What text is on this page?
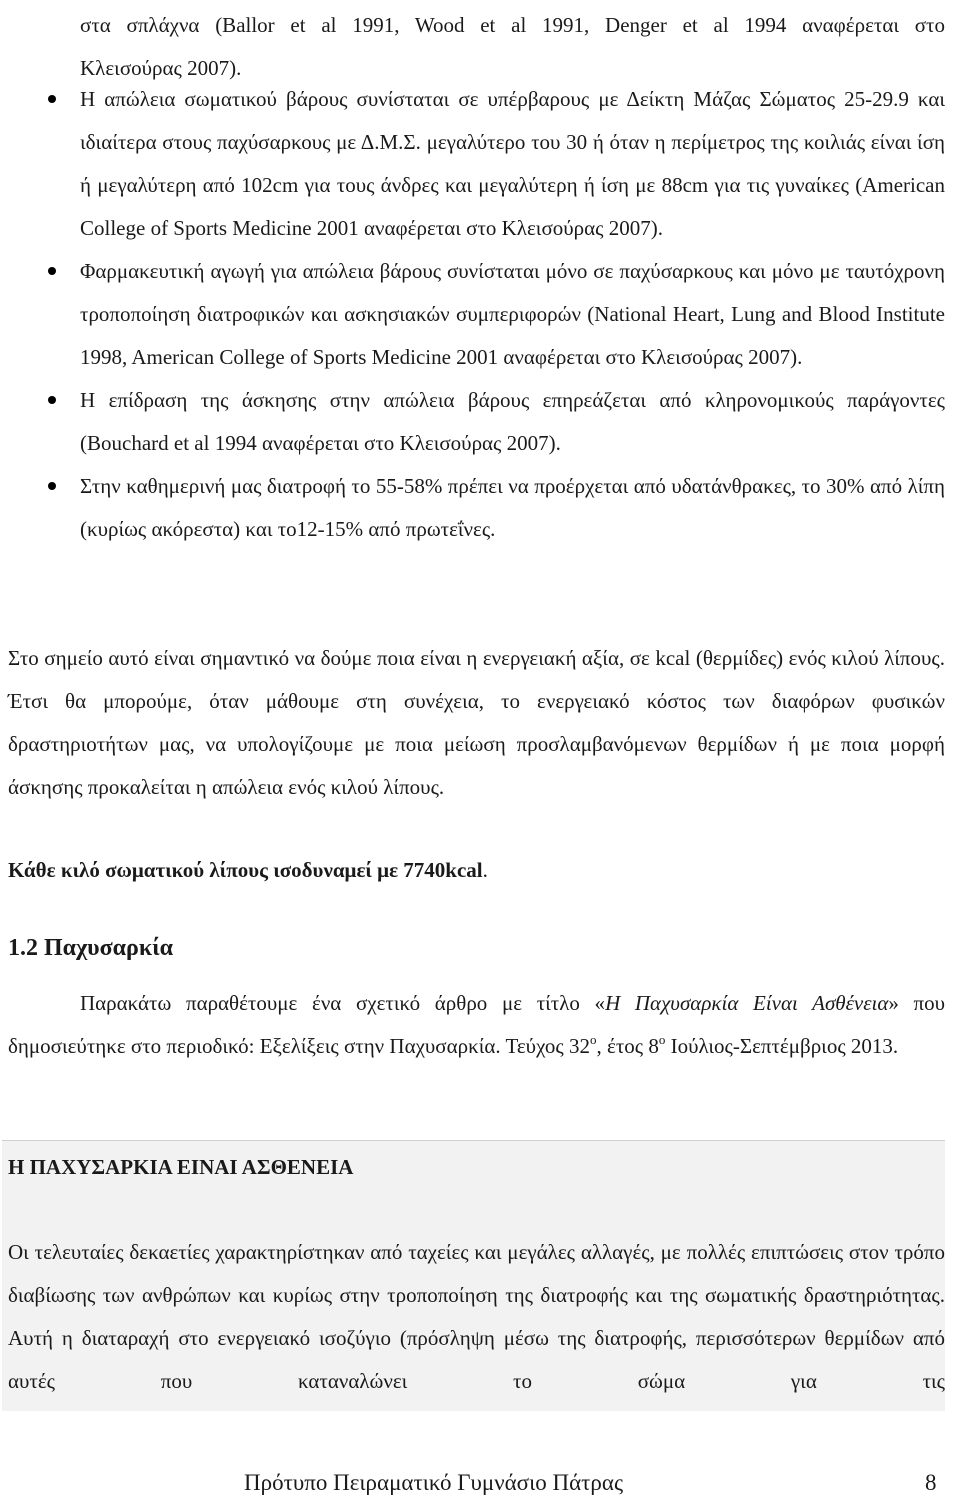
στα σπλάχνα (Ballor et al 1991, Wood et al 1991, Denger et al 1994 αναφέρεται στο
Κλεισούρας 2007).
Η απώλεια σωματικού βάρους συνίσταται σε υπέρβαρους με Δείκτη Μάζας Σώματος 25-29.9 και ιδιαίτερα στους παχύσαρκους με Δ.Μ.Σ. μεγαλύτερο του 30 ή όταν η περίμετρος της κοιλιάς είναι ίση ή μεγαλύτερη από 102cm για τους άνδρες και μεγαλύτερη ή ίση με 88cm για τις γυναίκες (American College of Sports Medicine 2001 αναφέρεται στο Κλεισούρας 2007).
Φαρμακευτική αγωγή για απώλεια βάρους συνίσταται μόνο σε παχύσαρκους και μόνο με ταυτόχρονη τροποποίηση διατροφικών και ασκησιακών συμπεριφορών (National Heart, Lung and Blood Institute 1998, American College of Sports Medicine 2001 αναφέρεται στο Κλεισούρας 2007).
Η επίδραση της άσκησης στην απώλεια βάρους επηρεάζεται από κληρονομικούς παράγοντες (Bouchard et al 1994 αναφέρεται στο Κλεισούρας 2007).
Στην καθημερινή μας διατροφή το 55-58% πρέπει να προέρχεται από υδατάνθρακες, το 30% από λίπη (κυρίως ακόρεστα) και το12-15% από πρωτεΐνες.
Στο σημείο αυτό είναι σημαντικό να δούμε ποια είναι η ενεργειακή αξία, σε kcal (θερμίδες) ενός κιλού λίπους. Έτσι θα μπορούμε, όταν μάθουμε στη συνέχεια, το ενεργειακό κόστος των διαφόρων φυσικών δραστηριοτήτων μας, να υπολογίζουμε με ποια μείωση προσλαμβανόμενων θερμίδων ή με ποια μορφή άσκησης προκαλείται η απώλεια ενός κιλού λίπους.
Κάθε κιλό σωματικού λίπους ισοδυναμεί με 7740kcal.
1.2 Παχυσαρκία
Παρακάτω παραθέτουμε ένα σχετικό άρθρο με τίτλο «Η Παχυσαρκία Είναι Ασθένεια» που δημοσιεύτηκε στο περιοδικό: Εξελίξεις στην Παχυσαρκία. Τεύχος $32^o$, έτος $8^o$ Ιούλιος-Σεπτέμβριος 2013.
Η ΠΑΧΥΣΑΡΚΙΑ ΕΙΝΑΙ ΑΣΘΕΝΕΙΑ
Οι τελευταίες δεκαετίες χαρακτηρίστηκαν από ταχείες και μεγάλες αλλαγές, με πολλές επιπτώσεις στον τρόπο διαβίωσης των ανθρώπων και κυρίως στην τροποποίηση της διατροφής και της σωματικής δραστηριότητας. Αυτή η διαταραχή στο ενεργειακό ισοζύγιο (πρόσληψη μέσω της διατροφής, περισσότερων θερμίδων από αυτές που καταναλώνει το σώμα για τις
Πρότυπο Πειραματικό Γυμνάσιο Πάτρας	8
